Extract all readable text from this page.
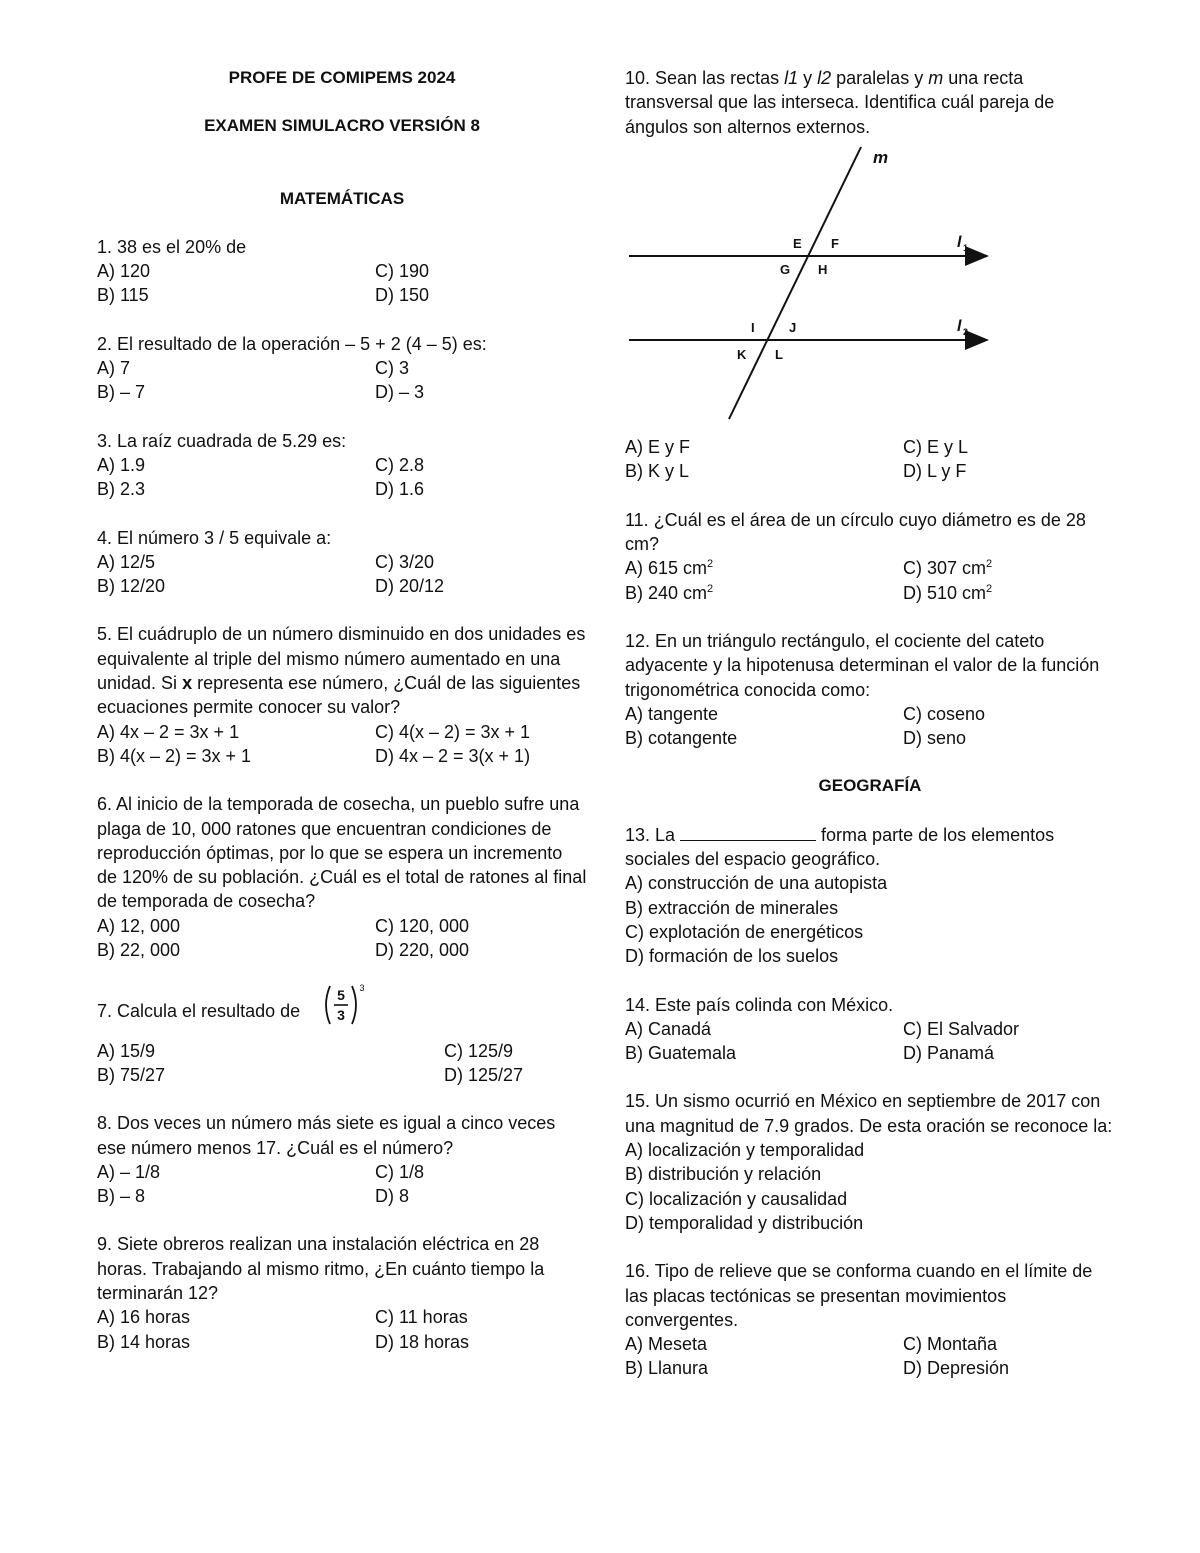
PROFE DE COMIPEMS 2024
EXAMEN SIMULACRO VERSIÓN 8
MATEMÁTICAS

1. 38 es el 20% de

A) 120	C) 190
B) 115	D) 150

2. El resultado de la operación – 5 + 2 (4 – 5) es:

A) 7	C) 3
B) – 7	D) – 3

3. La raíz cuadrada de 5.29 es:

A) 1.9	C) 2.8
B) 2.3	D) 1.6

4. El número 3 / 5 equivale a:

A) 12/5	C) 3/20
B) 12/20	D) 20/12

5. El cuádruplo de un número disminuido en dos unidades es equivalente al triple del mismo número aumentado en una unidad. Si x representa ese número, ¿Cuál de las siguientes ecuaciones permite conocer su valor?

A) 4x – 2 = 3x + 1	C) 4(x – 2) = 3x + 1
B) 4(x – 2) = 3x + 1	D) 4x – 2 = 3(x + 1)

6. Al inicio de la temporada de cosecha, un pueblo sufre una plaga de 10, 000 ratones que encuentran condiciones de reproducción óptimas, por lo que se espera un incremento de 120% de su población. ¿Cuál es el total de ratones al final de temporada de cosecha?

A) 12, 000	C) 120, 000
B) 22, 000	D) 220, 000

7. Calcula el resultado de
5
3
3

A) 15/9	C) 125/9
B) 75/27	D) 125/27

8. Dos veces un número más siete es igual a cinco veces ese número menos 17. ¿Cuál es el número?

A) – 1/8	C) 1/8
B) – 8	D) 8

9. Siete obreros realizan una instalación eléctrica en 28 horas. Trabajando al mismo ritmo, ¿En cuánto tiempo la terminarán 12?

A) 16 horas	C) 11 horas
B) 14 horas	D) 18 horas

10. Sean las rectas l1 y l2 paralelas y m una recta transversal que las interseca. Identifica cuál pareja de ángulos son alternos externos.

m
l 1
l 2
E F
G H
I	J
K L
A) E y F	C) E y L
B) K y L	D) L y F

11. ¿Cuál es el área de un círculo cuyo diámetro es de 28 cm?

A) 615 $cm^2$	C) 307 $cm^2$
B) 240 $cm^2$	D) 510 $cm^2$

12. En un triángulo rectángulo, el cociente del cateto adyacente y la hipotenusa determinan el valor de la función trigonométrica conocida como:

A) tangente	C) coseno
B) cotangente	D) seno
GEOGRAFÍA

13. La	forma parte de los elementos sociales del espacio geográfico.

A) construcción de una autopista

B) extracción de minerales

C) explotación de energéticos

D) formación de los suelos

14. Este país colinda con México.

A) Canadá	C) El Salvador
B) Guatemala	D) Panamá

15. Un sismo ocurrió en México en septiembre de 2017 con una magnitud de 7.9 grados. De esta oración se reconoce la:

A) localización y temporalidad

B) distribución y relación

C) localización y causalidad

D) temporalidad y distribución

16. Tipo de relieve que se conforma cuando en el límite de las placas tectónicas se presentan movimientos convergentes.

A) Meseta	C) Montaña
B) Llanura	D) Depresión
